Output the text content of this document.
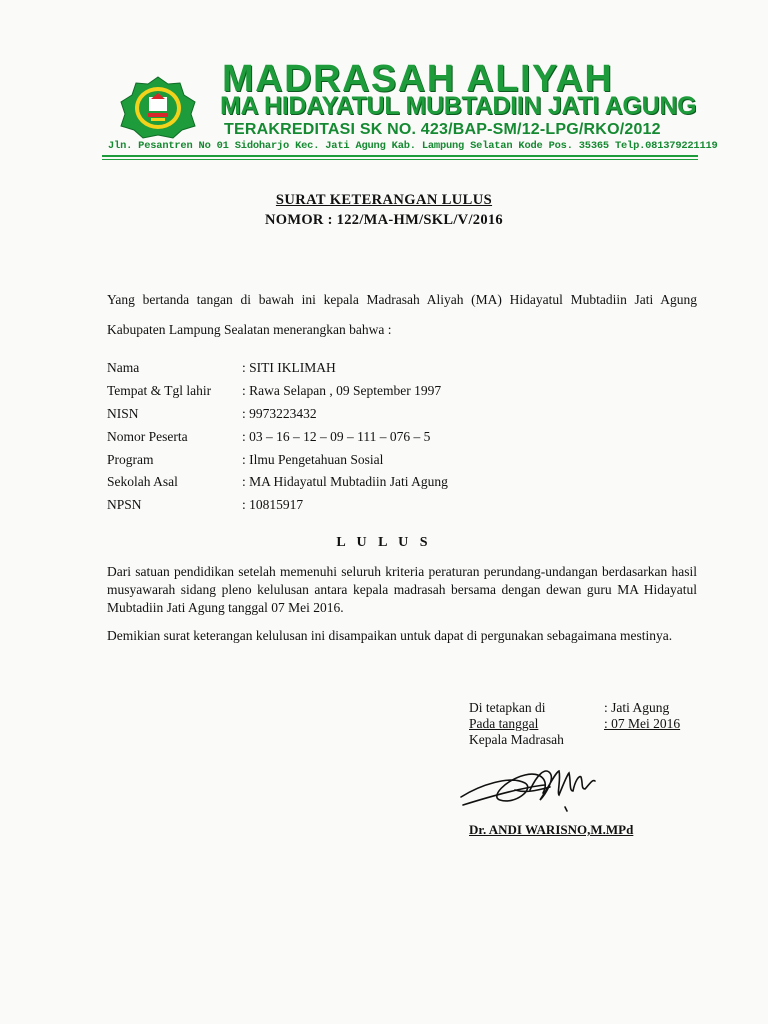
MADRASAH ALIYAH
MA HIDAYATUL MUBTADIIN JATI AGUNG
TERAKREDITASI SK NO. 423/BAP-SM/12-LPG/RKO/2012
Jln. Pesantren No 01 Sidoharjo Kec. Jati Agung Kab. Lampung Selatan Kode Pos. 35365 Telp.081379221119
SURAT KETERANGAN LULUS
NOMOR : 122/MA-HM/SKL/V/2016
Yang bertanda tangan di bawah ini kepala Madrasah Aliyah (MA) Hidayatul Mubtadiin Jati Agung Kabupaten Lampung Sealatan menerangkan bahwa :
Nama	: SITI IKLIMAH
Tempat & Tgl lahir : Rawa Selapan , 09 September 1997
NISN	: 9973223432
Nomor Peserta	: 03 – 16 – 12 – 09 – 111 – 076 – 5
Program	: Ilmu Pengetahuan Sosial
Sekolah Asal	: MA Hidayatul Mubtadiin Jati Agung
NPSN	: 10815917
L U L U S
Dari satuan pendidikan setelah memenuhi seluruh kriteria peraturan perundang-undangan berdasarkan hasil musyawarah sidang pleno kelulusan antara kepala madrasah bersama dengan dewan guru MA Hidayatul Mubtadiin Jati Agung tanggal 07 Mei 2016.
Demikian surat keterangan kelulusan ini disampaikan untuk dapat di pergunakan sebagaimana mestinya.
Di tetapkan di	: Jati Agung
Pada tanggal	: 07 Mei 2016
Kepala Madrasah
Dr. ANDI WARISNO,M.MPd
